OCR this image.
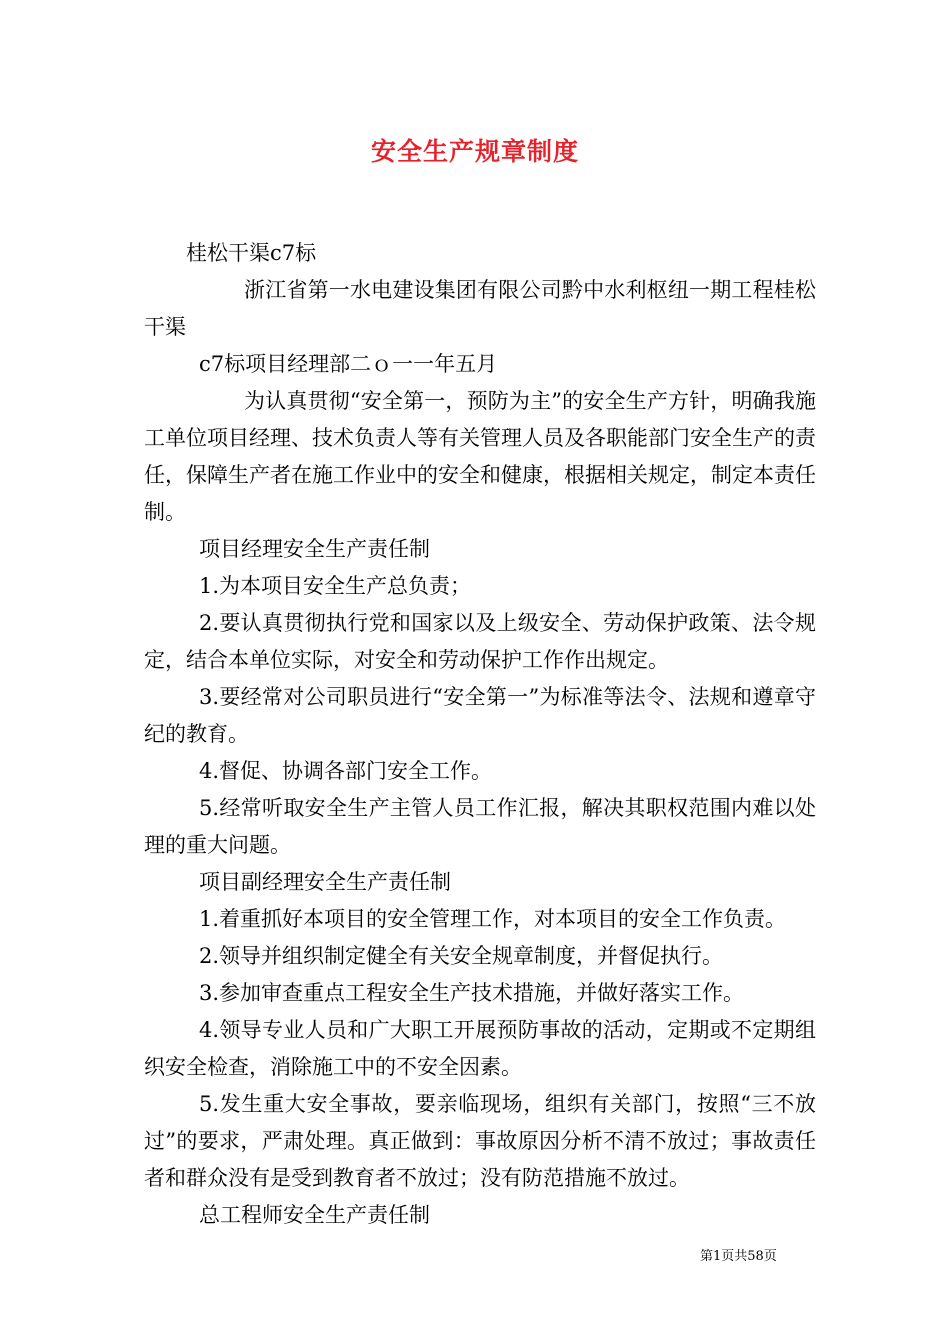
安全生产规章制度

桂松干渠c7标

浙江省第一水电建设集团有限公司黔中水利枢纽一期工程桂松干渠

c7标项目经理部二ｏ一一年五月

为认真贯彻“安全第一，预防为主”的安全生产方针，明确我施工单位项目经理、技术负责人等有关管理人员及各职能部门安全生产的责任，保障生产者在施工作业中的安全和健康，根据相关规定，制定本责任制。

项目经理安全生产责任制

1.为本项目安全生产总负责；

2.要认真贯彻执行党和国家以及上级安全、劳动保护政策、法令规定，结合本单位实际，对安全和劳动保护工作作出规定。

3.要经常对公司职员进行“安全第一”为标准等法令、法规和遵章守纪的教育。

4.督促、协调各部门安全工作。

5.经常听取安全生产主管人员工作汇报，解决其职权范围内难以处理的重大问题。

项目副经理安全生产责任制

1.着重抓好本项目的安全管理工作，对本项目的安全工作负责。

2.领导并组织制定健全有关安全规章制度，并督促执行。

3.参加审查重点工程安全生产技术措施，并做好落实工作。

4.领导专业人员和广大职工开展预防事故的活动，定期或不定期组织安全检查，消除施工中的不安全因素。

5.发生重大安全事故，要亲临现场，组织有关部门，按照“三不放过”的要求，严肃处理。真正做到：事故原因分析不清不放过；事故责任者和群众没有是受到教育者不放过；没有防范措施不放过。

总工程师安全生产责任制

第1页共58页
